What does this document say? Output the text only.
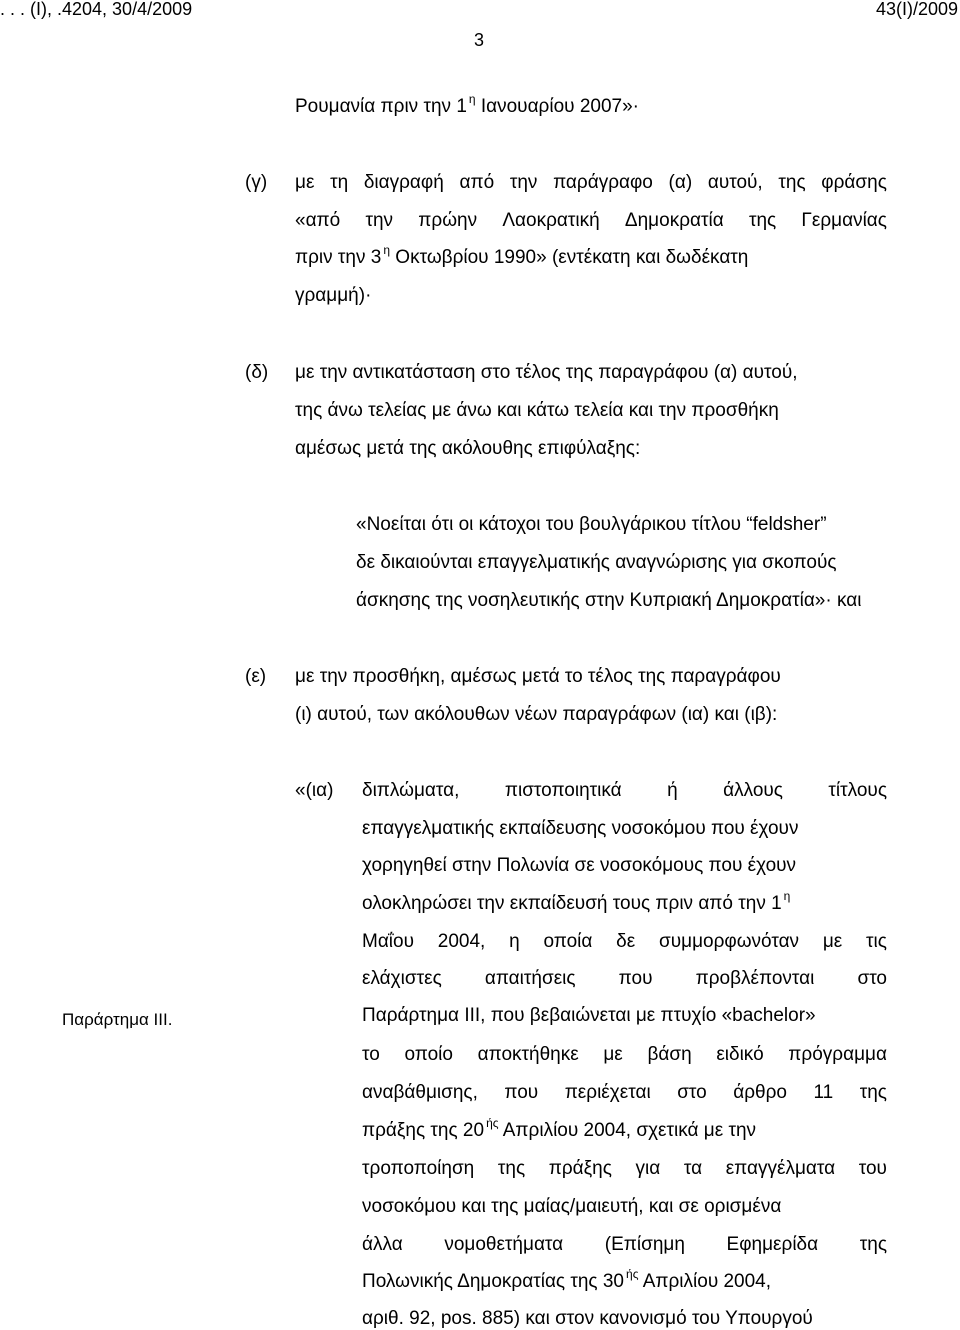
. . . (Ι), .4204, 30/4/2009	43(Ι)/2009
3
Ρουμανία πριν την 1 $^\eta$ Ιανουαρίου 2007»·
(γ) με τη διαγραφή από την παράγραφο (α) αυτού, της φράσης
«από την πρώην Λαοκρατική Δημοκρατία της Γερμανίας
πριν την 3 $^\eta$ Οκτωβρίου 1990» (εντέκατη και δωδέκατη
γραμμή)·
(δ) με την αντικατάσταση στο τέλος της παραγράφου (α) αυτού,
της άνω τελείας με άνω και κάτω τελεία και την προσθήκη
αμέσως μετά της ακόλουθης επιφύλαξης:
«Νοείται ότι οι κάτοχοι του βουλγάρικου τίτλου “feldsher”
δε δικαιούνται επαγγελματικής αναγνώρισης για σκοπούς
άσκησης της νοσηλευτικής στην Κυπριακή Δημοκρατία»· και
(ε) με την προσθήκη, αμέσως μετά το τέλος της παραγράφου
(ι) αυτού, των ακόλουθων νέων παραγράφων (ια) και (ιβ):
«(ια) διπλώματα, πιστοποιητικά ή άλλους τίτλους
επαγγελματικής εκπαίδευσης νοσοκόμου που έχουν
χορηγηθεί στην Πολωνία σε νοσοκόμους που έχουν
ολοκληρώσει την εκπαίδευσή τους πριν από την 1 $^\eta$
Μαΐου 2004, η οποία δε συμμορφωνόταν με τις
ελάχιστες απαιτήσεις που προβλέπονται στο
Παράρτημα ΙΙΙ, που βεβαιώνεται με πτυχίο «bachelor»
το οποίο αποκτήθηκε με βάση ειδικό πρόγραμμα
αναβάθμισης, που περιέχεται στο άρθρο 11 της
πράξης της 20 $^{ή\varsigma}$ Απριλίου 2004, σχετικά με την
τροποποίηση της πράξης για τα επαγγέλματα του
νοσοκόμου και της μαίας/μαιευτή, και σε ορισμένα
άλλα νομοθετήματα (Επίσημη Εφημερίδα της
Πολωνικής Δημοκρατίας της 30 $^{ή\varsigma}$ Απριλίου 2004,
αριθ. 92, pos. 885) και στον κανονισμό του Υπουργού
Παράρτημα ΙΙΙ.
